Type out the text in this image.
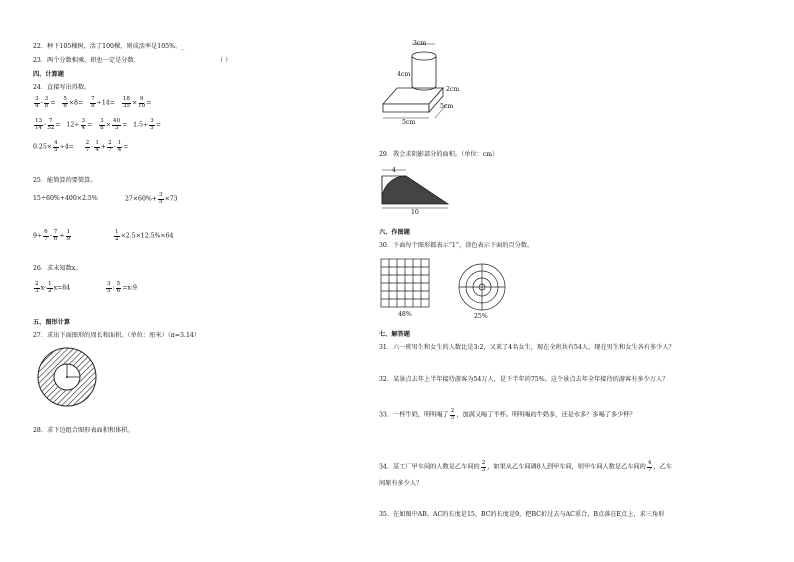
22．种下105棵树，活了100棵，则成活率是105%。_
23．两个分数相乘，积也一定是分数．	（ ）
四、计算题
24．直接写出得数。
$\frac{3}{4} - \frac{3}{8} = \frac{5}{6} \times 8= \frac{7}{8} \div 14= \frac{18}{35} \times \frac{9}{10}$ =
$\frac{13}{14} - \frac{7}{52} = 12\div \frac{3}{4} = \frac{3}{8} \times \frac{40}{3} = 1.5\div \frac{3}{5}$ =
$0.25\times \frac{4}{5} \div 4= \frac{2}{7} - \frac{1}{4} + \frac{2}{7} - \frac{1}{4}$ =
25．能简算的要简算。
15÷60%+400×2.5%	$27\times 60\%+ \frac{3}{5} \times 73$
$9\div \frac{6}{7} - \frac{7}{6} + \frac{1}{9}$	$\frac{1}{2} \times 2.5\times 12.5\%\times 64$
26．求未知数x。
$\frac{2}{3} x- \frac{1}{2} x=84$	$\frac{3}{5}$ : $\frac{5}{6}$ =x:9
五、图形计算
27．求出下面图形的周长和面积。（单位：厘米）（π=3.14）
28．求下边组合图形表面积和体积。
3cm
4cm
2cm
5cm
5cm
29．我会求阴影部分的面积。（单位：cm）
4
10
六、作图题
30．下面每个图形都表示“1”，涂色表示下面的百分数。
48%	25%
七、解答题
31．六一班男生和女生的人数比是3:2，又来了4名女生，现在全班共有54人，现在男生和女生各有多少人？
32．某景点去年上半年接待游客为54万人，是下半年的75%。这个景点去年全年接待的游客有多少万人？
33．一杯牛奶，明明喝了 $\frac{2}{5}$ ，加满又喝了半杯。明明喝的牛奶多，还是水多？多喝了多少杯？
34．某工厂甲车间的人数是乙车间的 $\frac{2}{3}$ ，如果从乙车间调8人到甲车间，则甲车间人数是乙车间的 $\frac{4}{7}$ ，乙车
间原有多少人？
35．在如图中AB，AC的长度是15，BC的长度是9，把BC折过去与AC重合，B点落在E点上，求三角形
